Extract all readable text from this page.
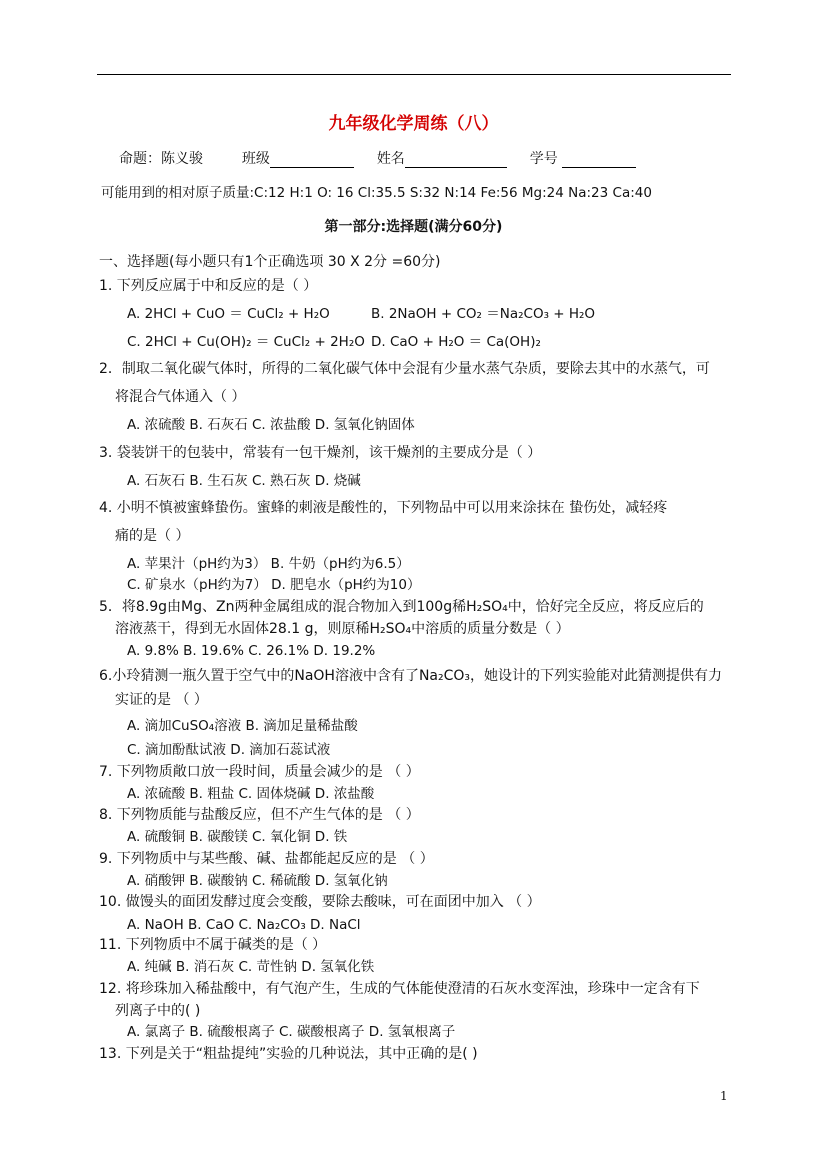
九年级化学周练（八）
命题：陈义骏	班级	姓名	学号
可能用到的相对原子质量:C:12 H:1 O: 16 Cl:35.5 S:32 N:14 Fe:56 Mg:24 Na:23 Ca:40
第一部分:选择题(满分60分)
一、选择题(每小题只有1个正确选项 30 X 2分 =60分)
1. 下列反应属于中和反应的是（ ）
A. 2HCl + CuO ＝ CuCl₂ + H₂O	B. 2NaOH + CO₂ ＝Na₂CO₃ + H₂O
C. 2HCl + Cu(OH)₂ ＝ CuCl₂ + 2H₂O D. CaO + H₂O ＝ Ca(OH)₂
2．制取二氧化碳气体时，所得的二氧化碳气体中会混有少量水蒸气杂质，要除去其中的水蒸气，可
将混合气体通入（ ）
A. 浓硫酸 B. 石灰石 C. 浓盐酸 D. 氢氧化钠固体
3. 袋装饼干的包装中，常装有一包干燥剂，该干燥剂的主要成分是（ ）
A. 石灰石 B. 生石灰 C. 熟石灰 D. 烧碱
4. 小明不慎被蜜蜂蛰伤。蜜蜂的刺液是酸性的，下列物品中可以用来涂抹在 蛰伤处，减轻疼
痛的是（ ）
A. 苹果汁（pH约为3） B. 牛奶（pH约为6.5）
C. 矿泉水（pH约为7） D. 肥皂水（pH约为10）
5．将8.9g由Mg、Zn两种金属组成的混合物加入到100g稀H₂SO₄中，恰好完全反应，将反应后的
溶液蒸干，得到无水固体28.1 g，则原稀H₂SO₄中溶质的质量分数是（ ）
A. 9.8% B. 19.6% C. 26.1% D. 19.2%
6.小玲猜测一瓶久置于空气中的NaOH溶液中含有了Na₂CO₃，她设计的下列实验能对此猜测提供有力
实证的是 （ ）
A. 滴加CuSO₄溶液 B. 滴加足量稀盐酸
C. 滴加酚酞试液 D. 滴加石蕊试液
7. 下列物质敞口放一段时间，质量会减少的是 （ ）
A. 浓硫酸 B. 粗盐 C. 固体烧碱 D. 浓盐酸
8. 下列物质能与盐酸反应，但不产生气体的是 （ ）
A. 硫酸铜 B. 碳酸镁 C. 氧化铜 D. 铁
9. 下列物质中与某些酸、碱、盐都能起反应的是 （ ）
A. 硝酸钾 B. 碳酸钠 C. 稀硫酸 D. 氢氧化钠
10. 做馒头的面团发酵过度会变酸，要除去酸味，可在面团中加入 （ ）
A. NaOH B. CaO C. Na₂CO₃ D. NaCl
11. 下列物质中不属于碱类的是（ ）
A. 纯碱 B. 消石灰 C. 苛性钠 D. 氢氧化铁
12. 将珍珠加入稀盐酸中，有气泡产生，生成的气体能使澄清的石灰水变浑浊，珍珠中一定含有下
列离子中的( )
A. 氯离子 B. 硫酸根离子 C. 碳酸根离子 D. 氢氧根离子
13. 下列是关于“粗盐提纯”实验的几种说法，其中正确的是( )
1
